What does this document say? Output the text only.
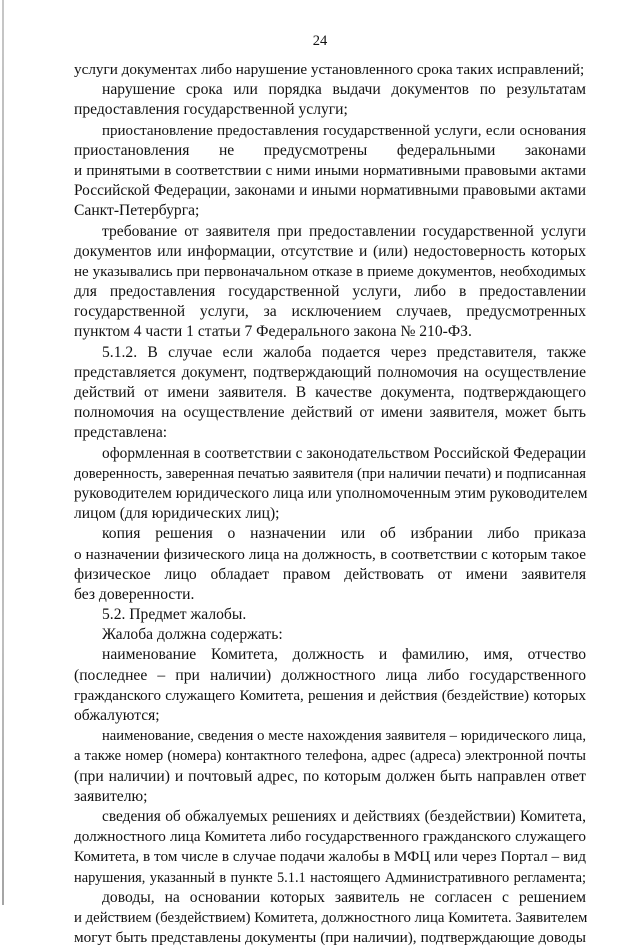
24
услуги документах либо нарушение установленного срока таких исправлений;
нарушение срока или порядка выдачи документов по результатам
предоставления государственной услуги;
приостановление предоставления государственной услуги, если основания
приостановления не предусмотрены федеральными законами
и принятыми в соответствии с ними иными нормативными правовыми актами
Российской Федерации, законами и иными нормативными правовыми актами
Санкт-Петербурга;
требование от заявителя при предоставлении государственной услуги
документов или информации, отсутствие и (или) недостоверность которых
не указывались при первоначальном отказе в приеме документов, необходимых
для предоставления государственной услуги, либо в предоставлении
государственной услуги, за исключением случаев, предусмотренных
пунктом 4 части 1 статьи 7 Федерального закона № 210-ФЗ.
5.1.2. В случае если жалоба подается через представителя, также
представляется документ, подтверждающий полномочия на осуществление
действий от имени заявителя. В качестве документа, подтверждающего
полномочия на осуществление действий от имени заявителя, может быть
представлена:
оформленная в соответствии с законодательством Российской Федерации
доверенность, заверенная печатью заявителя (при наличии печати) и подписанная
руководителем юридического лица или уполномоченным этим руководителем
лицом (для юридических лиц);
копия решения о назначении или об избрании либо приказа
о назначении физического лица на должность, в соответствии с которым такое
физическое лицо обладает правом действовать от имени заявителя
без доверенности.
5.2. Предмет жалобы.
Жалоба должна содержать:
наименование Комитета, должность и фамилию, имя, отчество
(последнее – при наличии) должностного лица либо государственного
гражданского служащего Комитета, решения и действия (бездействие) которых
обжалуются;
наименование, сведения о месте нахождения заявителя – юридического лица,
а также номер (номера) контактного телефона, адрес (адреса) электронной почты
(при наличии) и почтовый адрес, по которым должен быть направлен ответ
заявителю;
сведения об обжалуемых решениях и действиях (бездействии) Комитета,
должностного лица Комитета либо государственного гражданского служащего
Комитета, в том числе в случае подачи жалобы в МФЦ или через Портал – вид
нарушения, указанный в пункте 5.1.1 настоящего Административного регламента;
доводы, на основании которых заявитель не согласен с решением
и действием (бездействием) Комитета, должностного лица Комитета. Заявителем
могут быть представлены документы (при наличии), подтверждающие доводы
